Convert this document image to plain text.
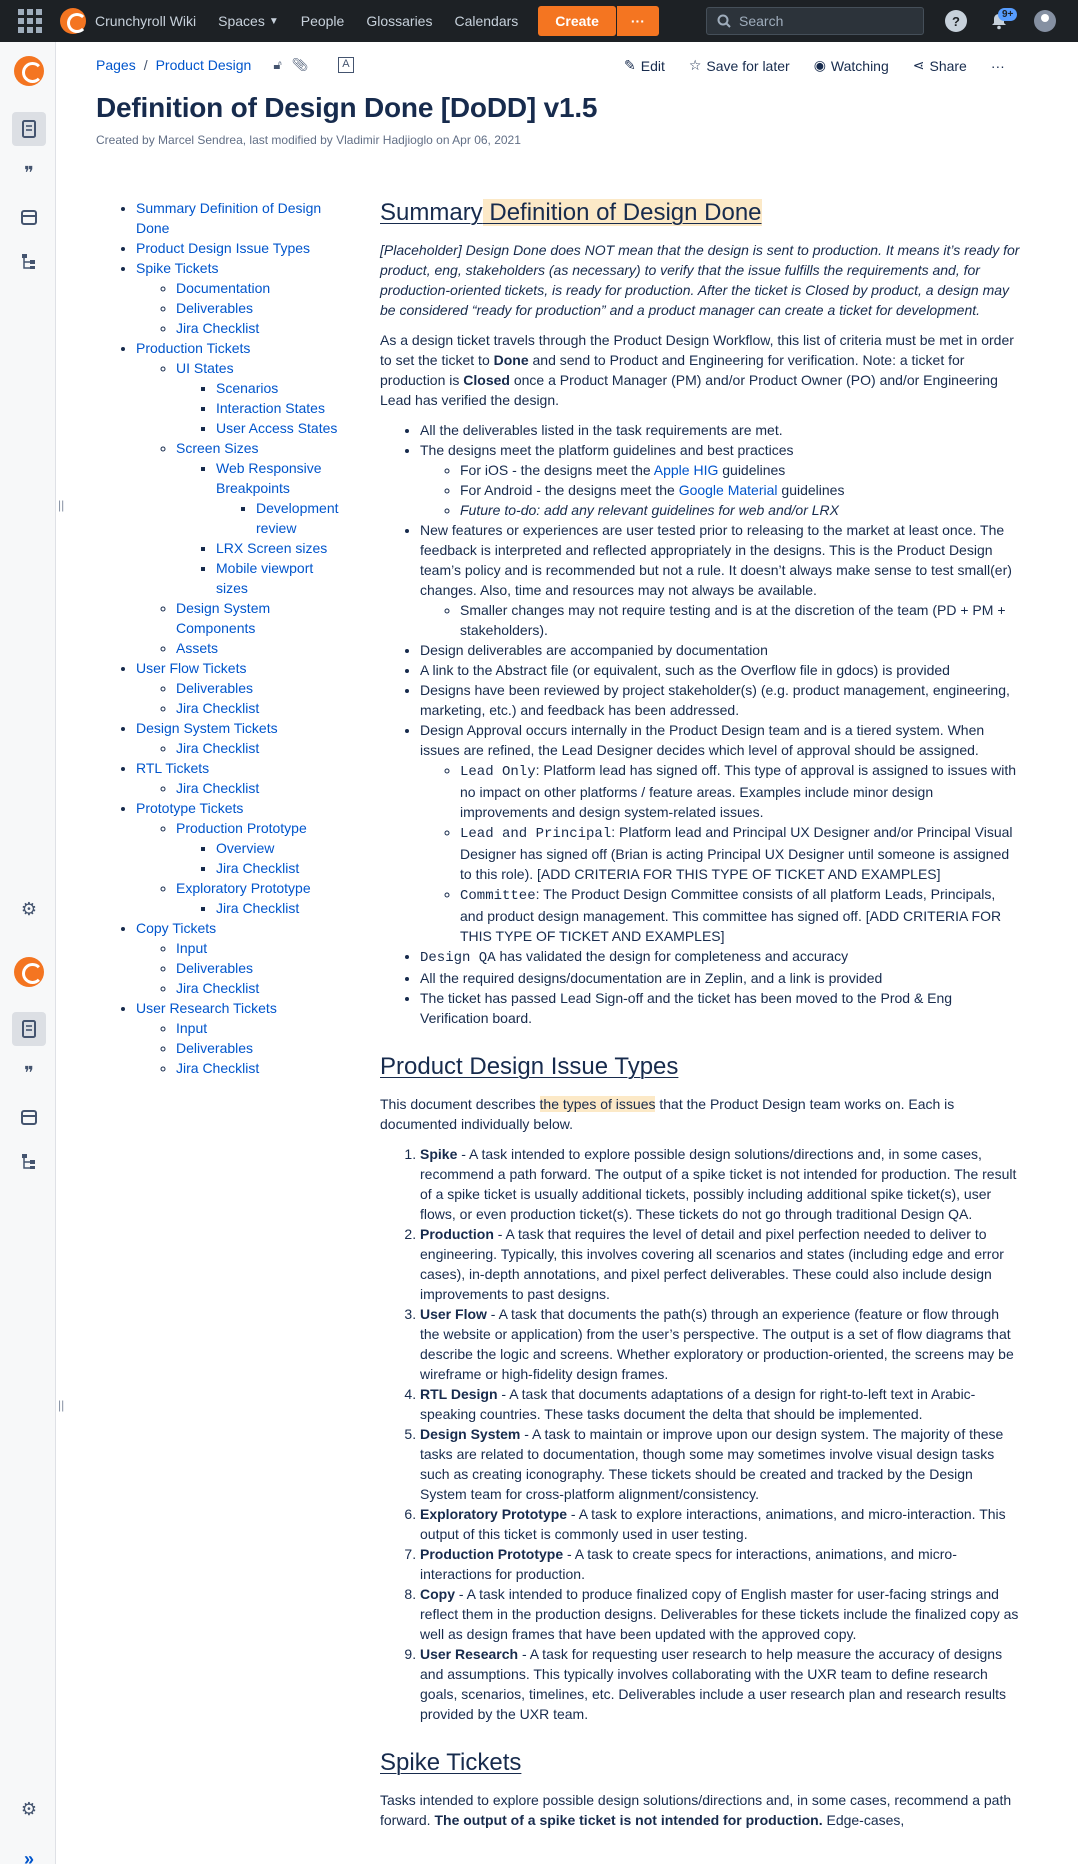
Crunchyroll Wiki Spaces ▼ People Glossaries Calendars	Create	···
Search	?	9+
❞
⚙
❞
⚙
»
||
||
Pages / Product Design 🔓︎ 📎︎	A	✎ Edit ☆ Save for later ◉ Watching ⋖ Share ···
Definition of Design Done [DoDD] v1.5
Created by Marcel Sendrea, last modified by Vladimir Hadjioglo on Apr 06, 2021
• Summary Definition of Design Done
• Product Design Issue Types
• Spike Tickets
◦ Documentation
◦ Deliverables
◦ Jira Checklist
• Production Tickets
◦ UI States
▪ Scenarios
▪ Interaction States
▪ User Access States
◦ Screen Sizes
▪ Web Responsive Breakpoints
▪ Development review
▪ LRX Screen sizes
▪ Mobile viewport sizes
◦ Design System Components
◦ Assets
• User Flow Tickets
◦ Deliverables
◦ Jira Checklist
• Design System Tickets
◦ Jira Checklist
• RTL Tickets
◦ Jira Checklist
• Prototype Tickets
◦ Production Prototype
▪ Overview
▪ Jira Checklist
◦ Exploratory Prototype
▪ Jira Checklist
• Copy Tickets
◦ Input
◦ Deliverables
◦ Jira Checklist
• User Research Tickets
◦ Input
◦ Deliverables
◦ Jira Checklist
Summary Definition of Design Done

[Placeholder] Design Done does NOT mean that the design is sent to production. It means it’s ready for product, eng, stakeholders (as necessary) to verify that the issue fulfills the requirements and, for production-oriented tickets, is ready for production. After the ticket is Closed by product, a design may be considered “ready for production” and a product manager can create a ticket for development.

As a design ticket travels through the Product Design Workflow, this list of criteria must be met in order to set the ticket to Done and send to Product and Engineering for verification. Note: a ticket for production is Closed once a Product Manager (PM) and/or Product Owner (PO) and/or Engineering Lead has verified the design.

• All the deliverables listed in the task requirements are met.
• The designs meet the platform guidelines and best practices
◦ For iOS - the designs meet the Apple HIG guidelines
◦ For Android - the designs meet the Google Material guidelines
◦ Future to-do: add any relevant guidelines for web and/or LRX
• New features or experiences are user tested prior to releasing to the market at least once. The feedback is interpreted and reflected appropriately in the designs. This is the Product Design team’s policy and is recommended but not a rule. It doesn’t always make sense to test small(er) changes. Also, time and resources may not always be available.
◦ Smaller changes may not require testing and is at the discretion of the team (PD + PM + stakeholders).
• Design deliverables are accompanied by documentation
• A link to the Abstract file (or equivalent, such as the Overflow file in gdocs) is provided
• Designs have been reviewed by project stakeholder(s) (e.g. product management, engineering, marketing, etc.) and feedback has been addressed.
• Design Approval occurs internally in the Product Design team and is a tiered system. When issues are refined, the Lead Designer decides which level of approval should be assigned.
◦ Lead Only: Platform lead has signed off. This type of approval is assigned to issues with no impact on other platforms / feature areas. Examples include minor design improvements and design system-related issues.
◦ Lead and Principal: Platform lead and Principal UX Designer and/or Principal Visual Designer has signed off (Brian is acting Principal UX Designer until someone is assigned to this role). [ADD CRITERIA FOR THIS TYPE OF TICKET AND EXAMPLES]
◦ Committee: The Product Design Committee consists of all platform Leads, Principals, and product design management. This committee has signed off. [ADD CRITERIA FOR THIS TYPE OF TICKET AND EXAMPLES]
• Design QA has validated the design for completeness and accuracy
• All the required designs/documentation are in Zeplin, and a link is provided
• The ticket has passed Lead Sign-off and the ticket has been moved to the Prod & Eng Verification board.
Product Design Issue Types

This document describes the types of issues that the Product Design team works on. Each is documented individually below.

1. Spike - A task intended to explore possible design solutions/directions and, in some cases, recommend a path forward. The output of a spike ticket is not intended for production. The result of a spike ticket is usually additional tickets, possibly including additional spike ticket(s), user flows, or even production ticket(s). These tickets do not go through traditional Design QA.
2. Production - A task that requires the level of detail and pixel perfection needed to deliver to engineering. Typically, this involves covering all scenarios and states (including edge and error cases), in-depth annotations, and pixel perfect deliverables. These could also include design improvements to past designs.
3. User Flow - A task that documents the path(s) through an experience (feature or flow through the website or application) from the user’s perspective. The output is a set of flow diagrams that describe the logic and screens. Whether exploratory or production-oriented, the screens may be wireframe or high-fidelity design frames.
4. RTL Design - A task that documents adaptations of a design for right-to-left text in Arabic-speaking countries. These tasks document the delta that should be implemented.
5. Design System - A task to maintain or improve upon our design system. The majority of these tasks are related to documentation, though some may sometimes involve visual design tasks such as creating iconography. These tickets should be created and tracked by the Design System team for cross-platform alignment/consistency.
6. Exploratory Prototype - A task to explore interactions, animations, and micro-interaction. This output of this ticket is commonly used in user testing.
7. Production Prototype - A task to create specs for interactions, animations, and micro-interactions for production.
8. Copy - A task intended to produce finalized copy of English master for user-facing strings and reflect them in the production designs. Deliverables for these tickets include the finalized copy as well as design frames that have been updated with the approved copy.
9. User Research - A task for requesting user research to help measure the accuracy of designs and assumptions. This typically involves collaborating with the UXR team to define research goals, scenarios, timelines, etc. Deliverables include a user research plan and research results provided by the UXR team.
Spike Tickets

Tasks intended to explore possible design solutions/directions and, in some cases, recommend a path forward. The output of a spike ticket is not intended for production. Edge-cases,
